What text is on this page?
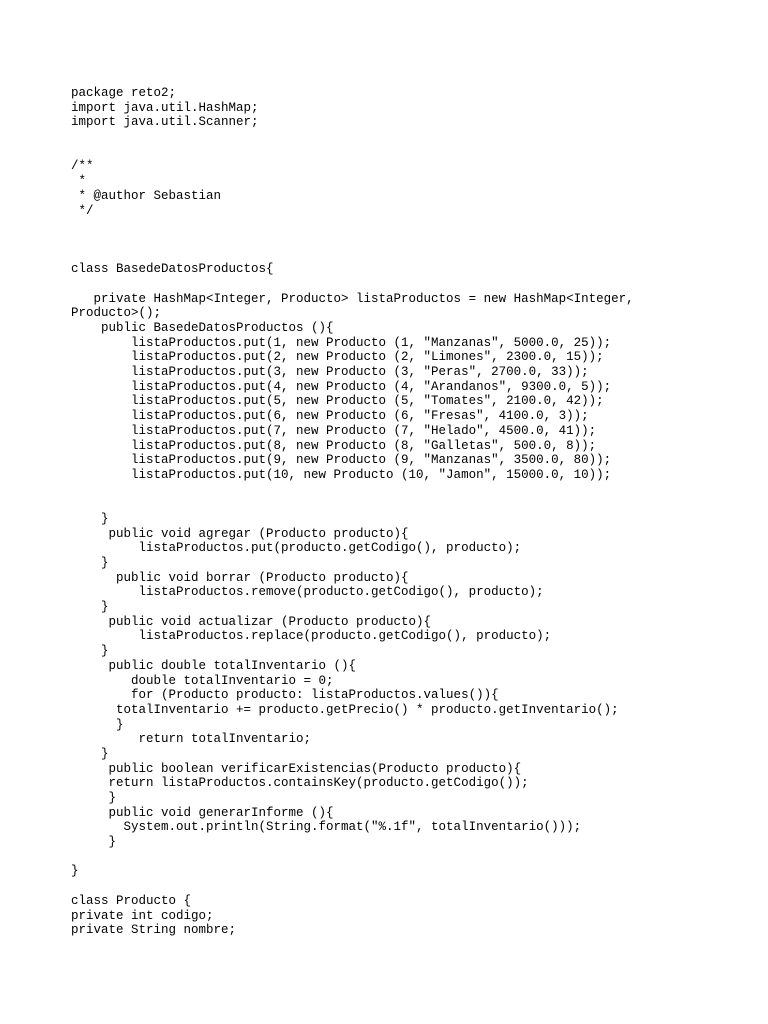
package reto2;
import java.util.HashMap;
import java.util.Scanner;
/**
*
* @author Sebastian
*/
class BasedeDatosProductos{
private HashMap<Integer, Producto> listaProductos = new HashMap<Integer,
Producto>();
public BasedeDatosProductos (){
listaProductos.put(1, new Producto (1, "Manzanas", 5000.0, 25));
listaProductos.put(2, new Producto (2, "Limones", 2300.0, 15));
listaProductos.put(3, new Producto (3, "Peras", 2700.0, 33));
listaProductos.put(4, new Producto (4, "Arandanos", 9300.0, 5));
listaProductos.put(5, new Producto (5, "Tomates", 2100.0, 42));
listaProductos.put(6, new Producto (6, "Fresas", 4100.0, 3));
listaProductos.put(7, new Producto (7, "Helado", 4500.0, 41));
listaProductos.put(8, new Producto (8, "Galletas", 500.0, 8));
listaProductos.put(9, new Producto (9, "Manzanas", 3500.0, 80));
listaProductos.put(10, new Producto (10, "Jamon", 15000.0, 10));
}
public void agregar (Producto producto){
listaProductos.put(producto.getCodigo(), producto);
}
public void borrar (Producto producto){
listaProductos.remove(producto.getCodigo(), producto);
}
public void actualizar (Producto producto){
listaProductos.replace(producto.getCodigo(), producto);
}
public double totalInventario (){
double totalInventario = 0;
for (Producto producto: listaProductos.values()){
totalInventario += producto.getPrecio() * producto.getInventario();
}
return totalInventario;
}
public boolean verificarExistencias(Producto producto){
return listaProductos.containsKey(producto.getCodigo());
}
public void generarInforme (){
System.out.println(String.format("%.1f", totalInventario()));
}
}
class Producto {
private int codigo;
private String nombre;
